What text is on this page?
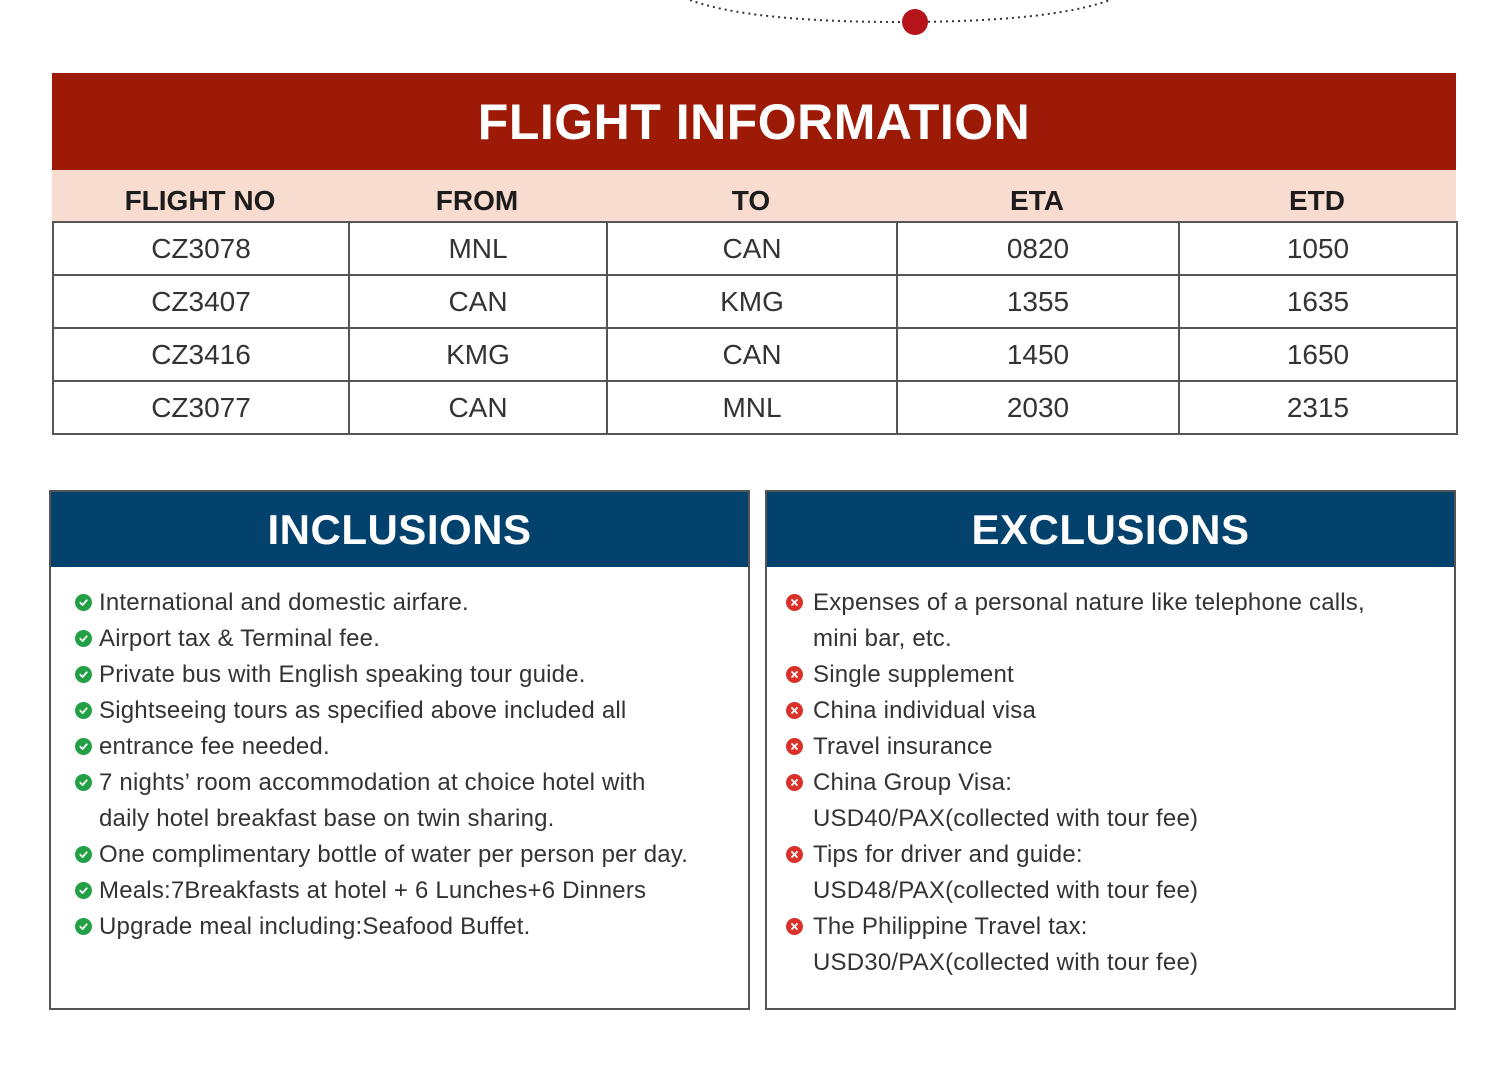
FLIGHT INFORMATION
FLIGHT NO	FROM	TO	ETA	ETD
CZ3078	MNL	CAN	0820	1050
CZ3407	CAN	KMG	1355	1635
CZ3416	KMG	CAN	1450	1650
CZ3077	CAN	MNL	2030	2315
INCLUSIONS
International and domestic airfare.
Airport tax & Terminal fee.
Private bus with English speaking tour guide.
Sightseeing tours as specified above included all
entrance fee needed.
7 nights’ room accommodation at choice hotel with
daily hotel breakfast base on twin sharing.
One complimentary bottle of water per person per day.
Meals:7Breakfasts at hotel + 6 Lunches+6 Dinners
Upgrade meal including:Seafood Buffet.
EXCLUSIONS
Expenses of a personal nature like telephone calls,
mini bar, etc.
Single supplement
China individual visa
Travel insurance
China Group Visa:
USD40/PAX(collected with tour fee)
Tips for driver and guide:
USD48/PAX(collected with tour fee)
The Philippine Travel tax:
USD30/PAX(collected with tour fee)
